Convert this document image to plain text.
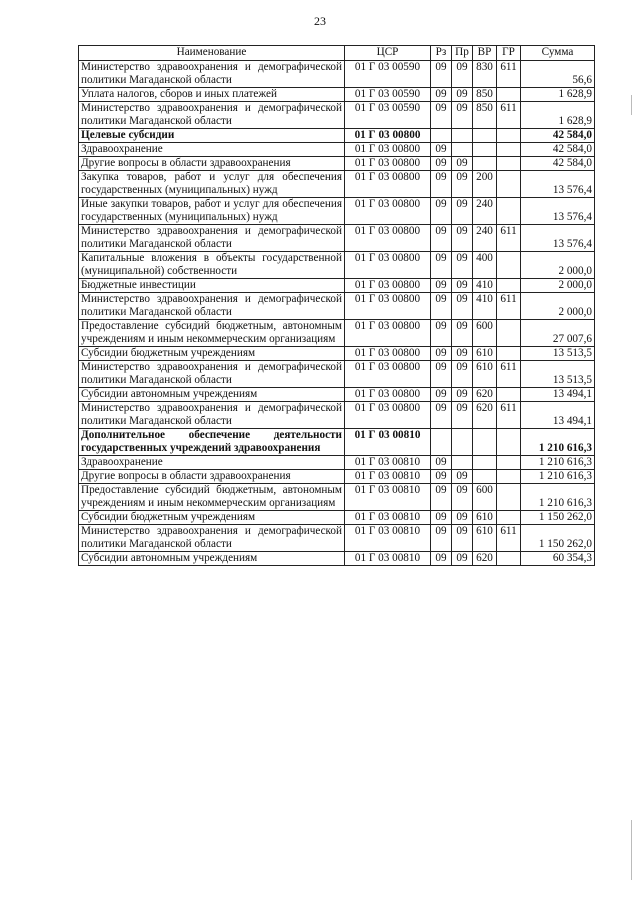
23
Наименование	ЦСР	Рз	Пр	ВР	ГР	Сумма
Министерство здравоохранения и демографической политики Магаданской области	01 Г 03 00590	09	09	830	611	56,6
Уплата налогов, сборов и иных платежей	01 Г 03 00590	09	09	850		1 628,9
Министерство здравоохранения и демографической политики Магаданской области	01 Г 03 00590	09	09	850	611	1 628,9
Целевые субсидии	01 Г 03 00800					42 584,0
Здравоохранение	01 Г 03 00800	09				42 584,0
Другие вопросы в области здравоохранения	01 Г 03 00800	09	09			42 584,0
Закупка товаров, работ и услуг для обеспечения государственных (муниципальных) нужд	01 Г 03 00800	09	09	200		13 576,4
Иные закупки товаров, работ и услуг для обеспечения государственных (муниципальных) нужд	01 Г 03 00800	09	09	240		13 576,4
Министерство здравоохранения и демографической политики Магаданской области	01 Г 03 00800	09	09	240	611	13 576,4
Капитальные вложения в объекты государственной (муниципальной) собственности	01 Г 03 00800	09	09	400		2 000,0
Бюджетные инвестиции	01 Г 03 00800	09	09	410		2 000,0
Министерство здравоохранения и демографической политики Магаданской области	01 Г 03 00800	09	09	410	611	2 000,0
Предоставление субсидий бюджетным, автономным учреждениям и иным некоммерческим организациям	01 Г 03 00800	09	09	600		27 007,6
Субсидии бюджетным учреждениям	01 Г 03 00800	09	09	610		13 513,5
Министерство здравоохранения и демографической политики Магаданской области	01 Г 03 00800	09	09	610	611	13 513,5
Субсидии автономным учреждениям	01 Г 03 00800	09	09	620		13 494,1
Министерство здравоохранения и демографической политики Магаданской области	01 Г 03 00800	09	09	620	611	13 494,1
Дополнительное обеспечение деятельности государственных учреждений здравоохранения	01 Г 03 00810					1 210 616,3
Здравоохранение	01 Г 03 00810	09				1 210 616,3
Другие вопросы в области здравоохранения	01 Г 03 00810	09	09			1 210 616,3
Предоставление субсидий бюджетным, автономным учреждениям и иным некоммерческим организациям	01 Г 03 00810	09	09	600		1 210 616,3
Субсидии бюджетным учреждениям	01 Г 03 00810	09	09	610		1 150 262,0
Министерство здравоохранения и демографической политики Магаданской области	01 Г 03 00810	09	09	610	611	1 150 262,0
Субсидии автономным учреждениям	01 Г 03 00810	09	09	620		60 354,3
